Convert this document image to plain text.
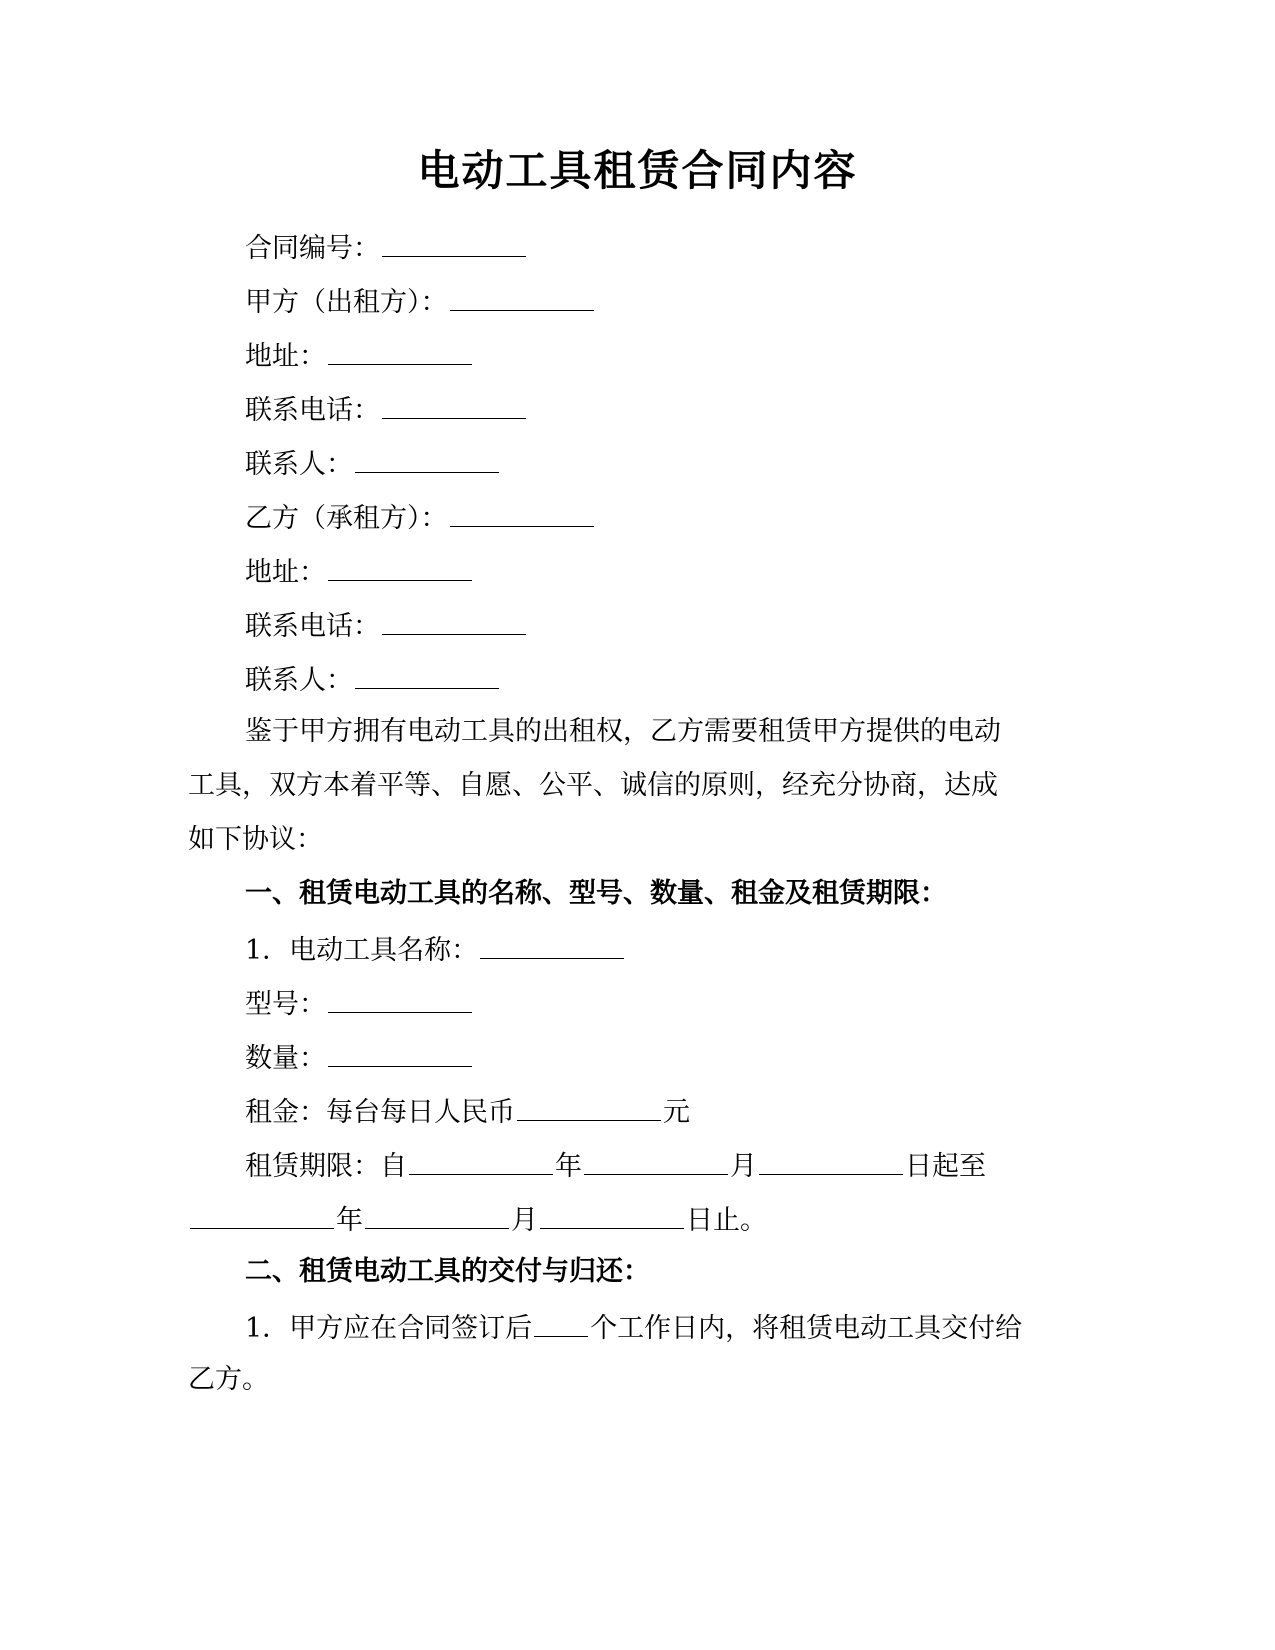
电动工具租赁合同内容
合同编号：
甲方（出租方）：
地址：
联系电话：
联系人：
乙方（承租方）：
地址：
联系电话：
联系人：
鉴于甲方拥有电动工具的出租权，乙方需要租赁甲方提供的电动
工具，双方本着平等、自愿、公平、诚信的原则，经充分协商，达成
如下协议：
一、租赁电动工具的名称、型号、数量、租金及租赁期限：
1．电动工具名称：
型号：
数量：
租金：每台每日人民币	元
租赁期限：自	年	月	日起至
年	月	日止。
二、租赁电动工具的交付与归还：
1．甲方应在合同签订后 个工作日内，将租赁电动工具交付给
乙方。
